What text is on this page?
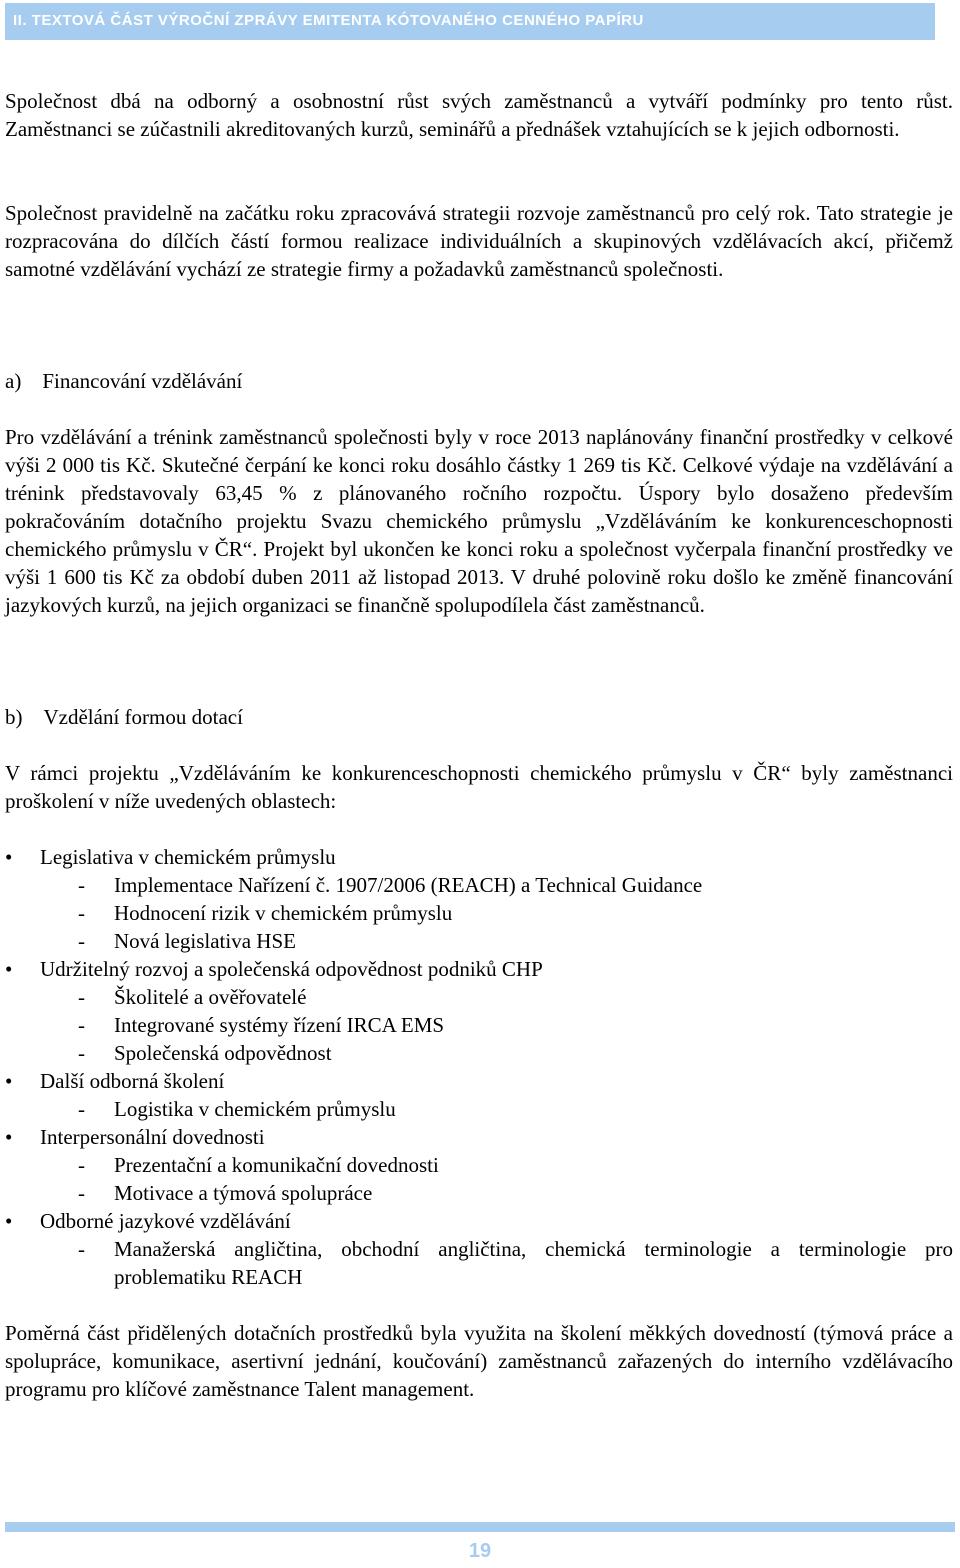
II. TEXTOVÁ ČÁST VÝROČNÍ ZPRÁVY EMITENTA KÓTOVANÉHO CENNÉHO PAPÍRU

Společnost dbá na odborný a osobnostní růst svých zaměstnanců a vytváří podmínky pro tento růst. Zaměstnanci se zúčastnili akreditovaných kurzů, seminářů a přednášek vztahujících se k jejich odbornosti.

Společnost pravidelně na začátku roku zpracovává strategii rozvoje zaměstnanců pro celý rok. Tato strategie je rozpracována do dílčích částí formou realizace individuálních a skupinových vzdělávacích akcí, přičemž samotné vzdělávání vychází ze strategie firmy a požadavků zaměstnanců společnosti.

a) Financování vzdělávání

Pro vzdělávání a trénink zaměstnanců společnosti byly v roce 2013 naplánovány finanční prostředky v celkové výši 2 000 tis Kč. Skutečné čerpání ke konci roku dosáhlo částky 1 269 tis Kč. Celkové výdaje na vzdělávání a trénink představovaly 63,45 % z plánovaného ročního rozpočtu. Úspory bylo dosaženo především pokračováním dotačního projektu Svazu chemického průmyslu „Vzděláváním ke konkurenceschopnosti chemického průmyslu v ČR“. Projekt byl ukončen ke konci roku a společnost vyčerpala finanční prostředky ve výši 1 600 tis Kč za období duben 2011 až listopad 2013. V druhé polovině roku došlo ke změně financování jazykových kurzů, na jejich organizaci se finančně spolupodílela část zaměstnanců.

b) Vzdělání formou dotací

V rámci projektu „Vzděláváním ke konkurenceschopnosti chemického průmyslu v ČR“ byly zaměstnanci proškolení v níže uvedených oblastech:

• Legislativa v chemickém průmyslu
- Implementace Nařízení č. 1907/2006 (REACH) a Technical Guidance
- Hodnocení rizik v chemickém průmyslu
- Nová legislativa HSE
• Udržitelný rozvoj a společenská odpovědnost podniků CHP
- Školitelé a ověřovatelé
- Integrované systémy řízení IRCA EMS
- Společenská odpovědnost
• Další odborná školení
- Logistika v chemickém průmyslu
• Interpersonální dovednosti
- Prezentační a komunikační dovednosti
- Motivace a týmová spolupráce
• Odborné jazykové vzdělávání
- Manažerská angličtina, obchodní angličtina, chemická terminologie a terminologie pro problematiku REACH

Poměrná část přidělených dotačních prostředků byla využita na školení měkkých dovedností (týmová práce a spolupráce, komunikace, asertivní jednání, koučování) zaměstnanců zařazených do interního vzdělávacího programu pro klíčové zaměstnance Talent management.

19
